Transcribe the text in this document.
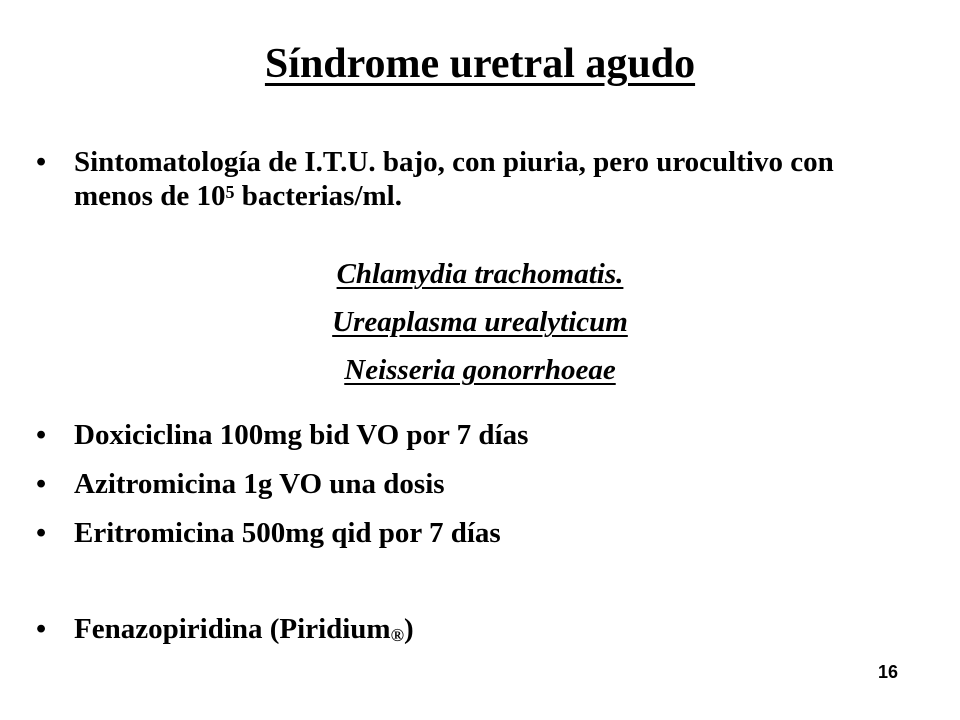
Síndrome uretral agudo
• Sintomatología de I.T.U. bajo, con piuria, pero urocultivo con menos de $10^5$ bacterias/ml.
Chlamydia trachomatis.
Ureaplasma urealyticum
Neisseria gonorrhoeae
• Doxiciclina 100mg bid VO por 7 días
• Azitromicina 1g VO una dosis
• Eritromicina 500mg qid por 7 días
• Fenazopiridina (Piridium$_®$)
16
